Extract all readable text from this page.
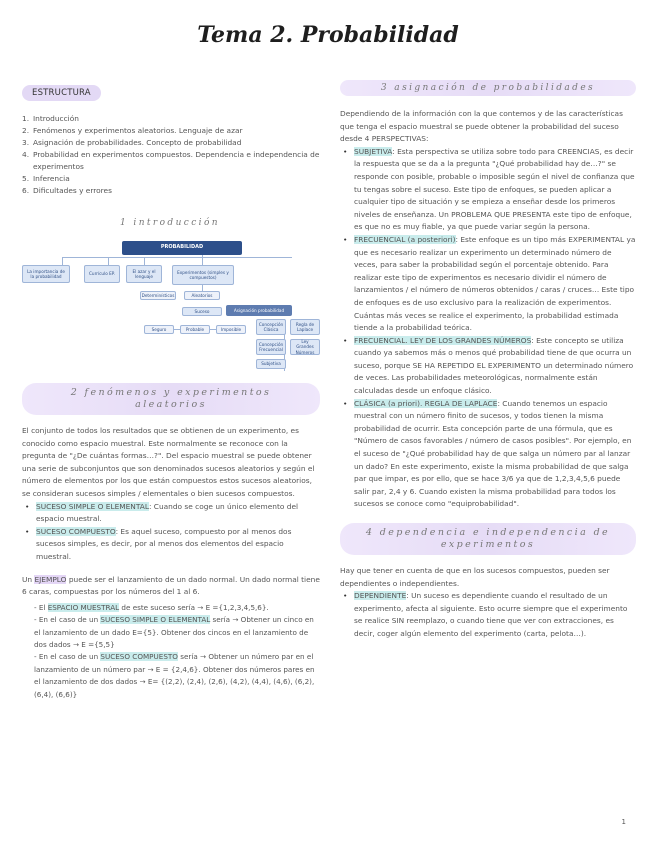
Tema 2. Probabilidad
ESTRUCTURA
1. Introducción
2. Fenómenos y experimentos aleatorios. Lenguaje de azar
3. Asignación de probabilidades. Concepto de probabilidad
4. Probabilidad en experimentos compuestos. Dependencia e independencia de experimentos
5. Inferencia
6. Dificultades y errores
1 introducción
PROBABILIDAD
La importancia de la probabilidad
Currículo EP.
El azar y el lenguaje
Experimentos (simples y compuestos)
Determinísticos	Aleatorios
Suceso	Asignación probabilidad
Seguro	Probable	Imposible
Concepción Clásica
Regla de Laplace
Concepción Frecuencial
Ley Grandes Números
Subjetiva
2 fenómenos y experimentos aleatorios

El conjunto de todos los resultados que se obtienen de un experimento, es conocido como espacio muestral. Este normalmente se reconoce con la pregunta de "¿De cuántas formas…?". Del espacio muestral se puede obtener una serie de subconjuntos que son denominados sucesos aleatorios y según el número de elementos por los que están compuestos estos sucesos aleatorios, se consideran sucesos simples / elementales o bien sucesos compuestos.

• SUCESO SIMPLE O ELEMENTAL: Cuando se coge un único elemento del espacio muestral.
• SUCESO COMPUESTO: Es aquel suceso, compuesto por al menos dos sucesos simples, es decir, por al menos dos elementos del espacio muestral.

Un EJEMPLO puede ser el lanzamiento de un dado normal. Un dado normal tiene 6 caras, compuestas por los números del 1 al 6.

- El ESPACIO MUESTRAL de este suceso sería → E ={1,2,3,4,5,6}.
- En el caso de un SUCESO SIMPLE O ELEMENTAL sería → Obtener un cinco en el lanzamiento de un dado E={5}. Obtener dos cincos en el lanzamiento de dos dados → E ={5,5}
- En el caso de un SUCESO COMPUESTO sería → Obtener un número par en el lanzamiento de un número par → E = {2,4,6}. Obtener dos números pares en el lanzamiento de dos dados → E= {(2,2), (2,4), (2,6), (4,2), (4,4), (4,6), (6,2), (6,4), (6,6)}
3 asignación de probabilidades

Dependiendo de la información con la que contemos y de las características que tenga el espacio muestral se puede obtener la probabilidad del suceso desde 4 PERSPECTIVAS:

• SUBJETIVA: Esta perspectiva se utiliza sobre todo para CREENCIAS, es decir la respuesta que se da a la pregunta "¿Qué probabilidad hay de…?" se responde con posible, probable o imposible según el nivel de confianza que tu tengas sobre el suceso. Este tipo de enfoques, se pueden aplicar a cualquier tipo de situación y se empieza a enseñar desde los primeros niveles de enseñanza. Un PROBLEMA QUE PRESENTA este tipo de enfoque, es que no es muy fiable, ya que puede variar según la persona.
• FRECUENCIAL (a posteriori): Este enfoque es un tipo más EXPERIMENTAL ya que es necesario realizar un experimento un determinado número de veces, para saber la probabilidad según el porcentaje obtenido. Para realizar este tipo de experimentos es necesario dividir el número de lanzamientos / el número de números obtenidos / caras / cruces… Este tipo de enfoques es de uso exclusivo para la realización de experimentos. Cuántas más veces se realice el experimento, la probabilidad estimada tiende a la probabilidad teórica.
• FRECUENCIAL. LEY DE LOS GRANDES NÚMEROS: Este concepto se utiliza cuando ya sabemos más o menos qué probabilidad tiene de que ocurra un suceso, porque SE HA REPETIDO EL EXPERIMENTO un determinado número de veces. Las probabilidades meteorológicas, normalmente están calculadas desde un enfoque clásico.
• CLÁSICA (a priori). REGLA DE LAPLACE: Cuando tenemos un espacio muestral con un número finito de sucesos, y todos tienen la misma probabilidad de ocurrir. Esta concepción parte de una fórmula, que es "Número de casos favorables / número de casos posibles". Por ejemplo, en el suceso de "¿Qué probabilidad hay de que salga un número par al lanzar un dado? En este experimento, existe la misma probabilidad de que salga par que impar, es por ello, que se hace 3/6 ya que de 1,2,3,4,5,6 puede salir par, 2,4 y 6. Cuando existen la misma probabilidad para todos los sucesos se conoce como "equiprobabilidad".
4 dependencia e independencia de experimentos

Hay que tener en cuenta de que en los sucesos compuestos, pueden ser dependientes o independientes.

• DEPENDIENTE: Un suceso es dependiente cuando el resultado de un experimento, afecta al siguiente. Esto ocurre siempre que el experimento se realice SIN reemplazo, o cuando tiene que ver con extracciones, es decir, coger algún elemento del experimento (carta, pelota…).
1
